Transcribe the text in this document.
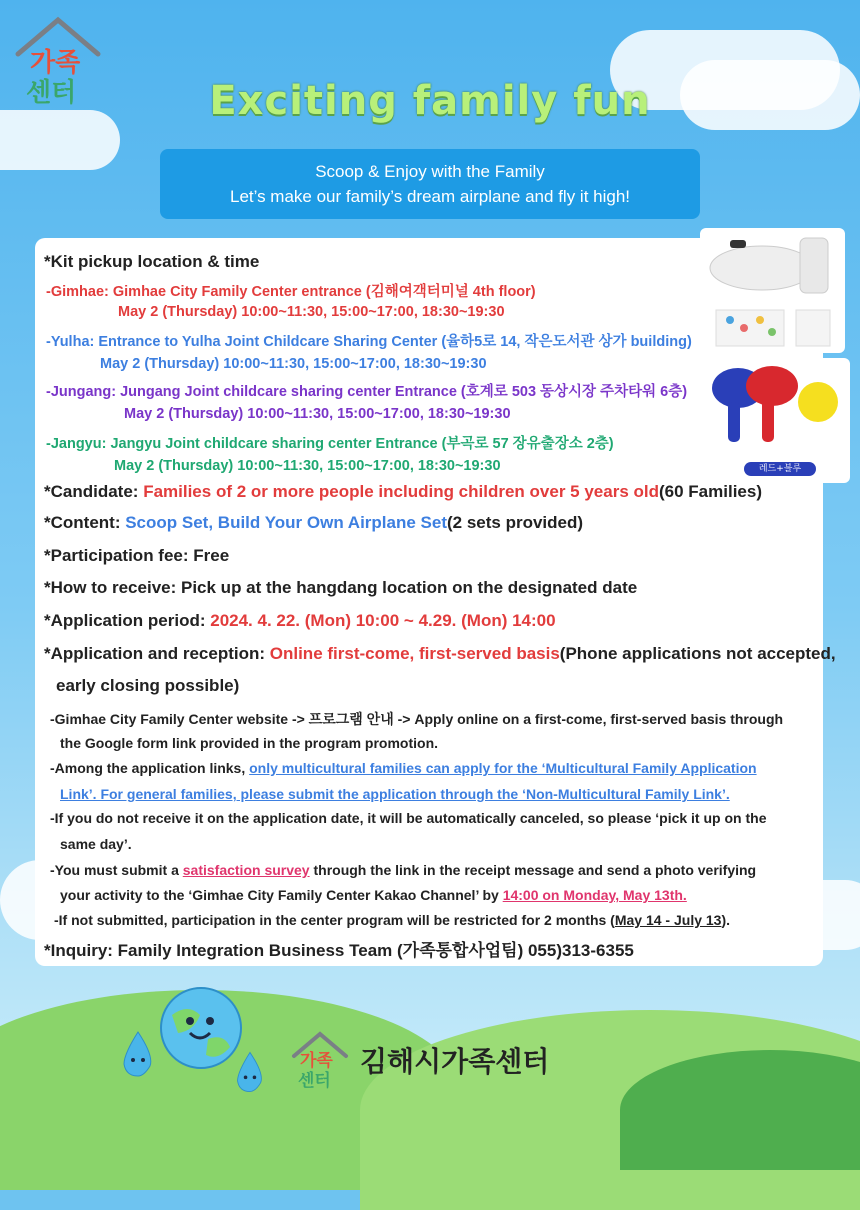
가족
센터	Exciting family fun
Scoop & Enjoy with the Family
Let’s make our family’s dream airplane and fly it high!
레드+블루
*Kit pickup location & time
-Gimhae: Gimhae City Family Center entrance (김해여객터미널 4th floor)
May 2 (Thursday) 10:00~11:30, 15:00~17:00, 18:30~19:30
-Yulha: Entrance to Yulha Joint Childcare Sharing Center (율하5로 14, 작은도서관 상가 building)
May 2 (Thursday) 10:00~11:30, 15:00~17:00, 18:30~19:30
-Jungang: Jungang Joint childcare sharing center Entrance (호계로 503 동상시장 주차타워 6층)
May 2 (Thursday) 10:00~11:30, 15:00~17:00, 18:30~19:30
-Jangyu: Jangyu Joint childcare sharing center Entrance (부곡로 57 장유출장소 2층)
May 2 (Thursday) 10:00~11:30, 15:00~17:00, 18:30~19:30
*Candidate: Families of 2 or more people including children over 5 years old(60 Families)
*Content: Scoop Set, Build Your Own Airplane Set(2 sets provided)
*Participation fee: Free
*How to receive: Pick up at the hangdang location on the designated date
*Application period: 2024. 4. 22. (Mon) 10:00 ~ 4.29. (Mon) 14:00
*Application and reception: Online first-come, first-served basis(Phone applications not accepted,
early closing possible)
-Gimhae City Family Center website -> 프로그램 안내 -> Apply online on a first-come, first-served basis through
the Google form link provided in the program promotion.
-Among the application links, only multicultural families can apply for the ‘Multicultural Family Application
Link’. For general families, please submit the application through the ‘Non-Multicultural Family Link’.
-If you do not receive it on the application date, it will be automatically canceled, so please ‘pick it up on the
same day’.
-You must submit a satisfaction survey through the link in the receipt message and send a photo verifying
your activity to the ‘Gimhae City Family Center Kakao Channel’ by 14:00 on Monday, May 13th.
-If not submitted, participation in the center program will be restricted for 2 months (May 14 - July 13).
*Inquiry: Family Integration Business Team (가족통합사업팀) 055)313-6355
가족
센터
김해시가족센터
